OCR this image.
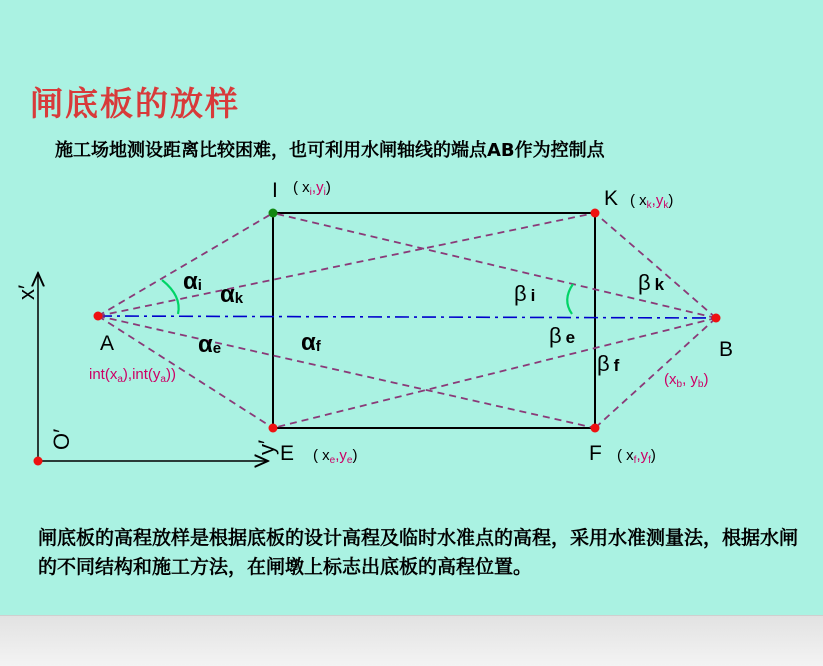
闸底板的放样
施工场地测设距离比较困难，也可利用水闸轴线的端点AB作为控制点
O′
x′
y′
A	B
I	K
E	F
$int(x_a),int(y_a)$)	($x_b$, $y_b$)
( $x_i,y_i$)
( $x_k,y_k$)
( $x_e,y_e$)	( $x_f,y_f$)
αi αk
αe	αf
β i
β k
β e
β f
闸底板的高程放样是根据底板的设计高程及临时水准点的高程，采用水准测量法，根据水闸的不同结构和施工方法，在闸墩上标志出底板的高程位置。
